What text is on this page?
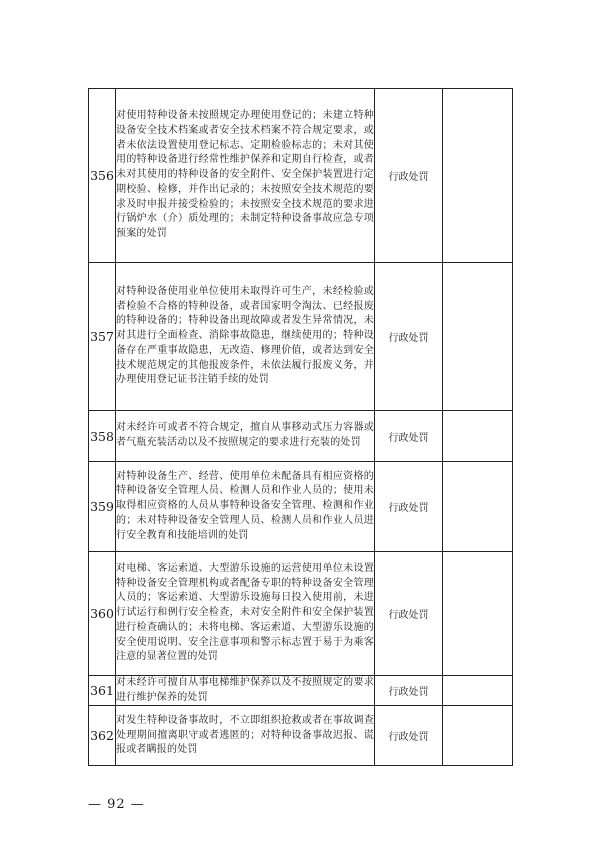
356	对使用特种设备未按照规定办理使用登记的；未建立特种设备安全技术档案或者安全技术档案不符合规定要求，或者未依法设置使用登记标志、定期检验标志的；未对其使用的特种设备进行经常性维护保养和定期自行检查，或者未对其使用的特种设备的安全附件、安全保护装置进行定期校验、检修，并作出记录的；未按照安全技术规范的要求及时申报并接受检验的；未按照安全技术规范的要求进行锅炉水（介）质处理的；未制定特种设备事故应急专项预案的处罚	行政处罚	
357	对特种设备使用业单位使用未取得许可生产，未经检验或者检验不合格的特种设备，或者国家明令淘汰、已经报废的特种设备的；特种设备出现故障或者发生异常情况，未对其进行全面检查、消除事故隐患，继续使用的；特种设备存在严重事故隐患，无改造、修理价值，或者达到安全技术规范规定的其他报废条件，未依法履行报废义务，并办理使用登记证书注销手续的处罚	行政处罚	
358	对未经许可或者不符合规定，擅自从事移动式压力容器或者气瓶充装活动以及不按照规定的要求进行充装的处罚	行政处罚	
359	对特种设备生产、经营、使用单位未配备具有相应资格的特种设备安全管理人员、检测人员和作业人员的；使用未取得相应资格的人员从事特种设备安全管理、检测和作业的；未对特种设备安全管理人员、检测人员和作业人员进行安全教育和技能培训的处罚	行政处罚	
360	对电梯、客运索道、大型游乐设施的运营使用单位未设置特种设备安全管理机构或者配备专职的特种设备安全管理人员的；客运索道、大型游乐设施每日投入使用前，未进行试运行和例行安全检查，未对安全附件和安全保护装置进行检查确认的；未将电梯、客运索道、大型游乐设施的安全使用说明、安全注意事项和警示标志置于易于为乘客注意的显著位置的处罚	行政处罚	
361	对未经许可擅自从事电梯维护保养以及不按照规定的要求进行维护保养的处罚	行政处罚	
362	对发生特种设备事故时，不立即组织抢救或者在事故调查处理期间擅离职守或者逃匿的；对特种设备事故迟报、谎报或者瞒报的处罚	行政处罚	
— 92 —
